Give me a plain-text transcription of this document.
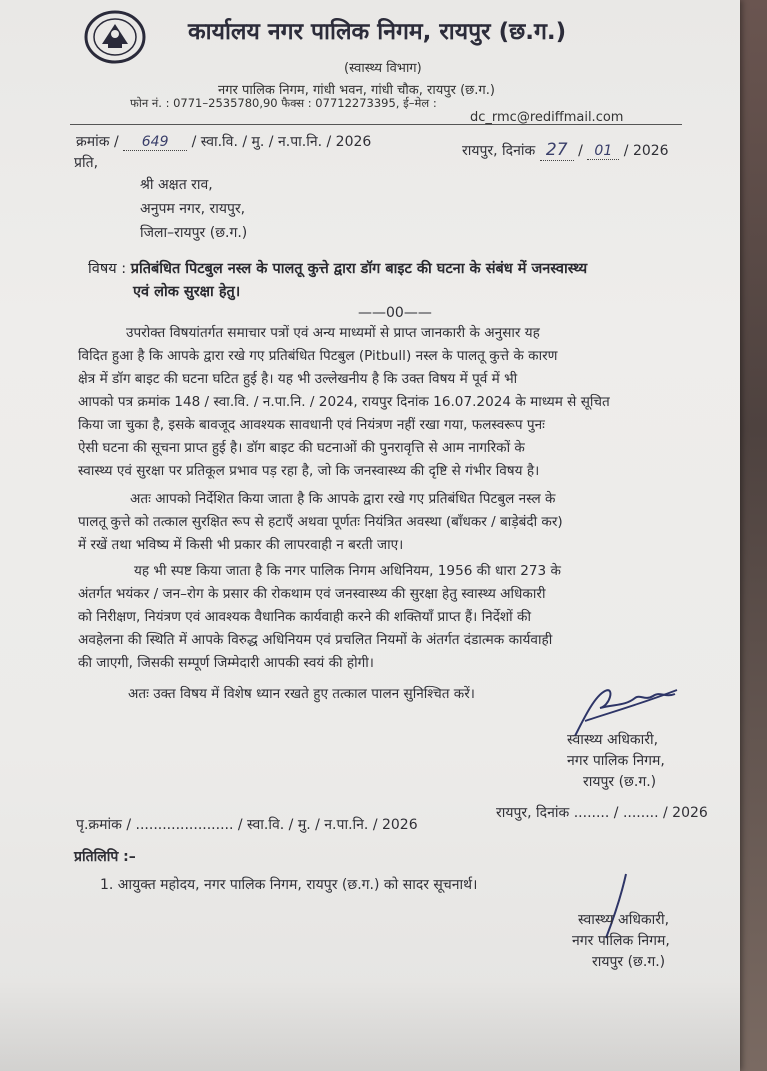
कार्यालय नगर पालिक निगम, रायपुर (छ.ग.)
(स्वास्थ्य विभाग)
नगर पालिक निगम, गांधी भवन, गांधी चौक, रायपुर (छ.ग.)
फोन नं. : 0771–2535780,90 फैक्स : 07712273395, ई–मेल :
dc_rmc@rediffmail.com
क्रमांक / 649 / स्वा.वि. / मु. / न.पा.नि. / 2026
रायपुर, दिनांक 27 / 01 / 2026
प्रति,
श्री अक्षत राव,
अनुपम नगर, रायपुर,
जिला–रायपुर (छ.ग.)
विषय : प्रतिबंधित पिटबुल नस्ल के पालतू कुत्ते द्वारा डॉग बाइट की घटना के संबंध में जनस्वास्थ्य
एवं लोक सुरक्षा हेतु।
——00——
उपरोक्त विषयांतर्गत समाचार पत्रों एवं अन्य माध्यमों से प्राप्त जानकारी के अनुसार यह
विदित हुआ है कि आपके द्वारा रखे गए प्रतिबंधित पिटबुल (Pitbull) नस्ल के पालतू कुत्ते के कारण
क्षेत्र में डॉग बाइट की घटना घटित हुई है। यह भी उल्लेखनीय है कि उक्त विषय में पूर्व में भी
आपको पत्र क्रमांक 148 / स्वा.वि. / न.पा.नि. / 2024, रायपुर दिनांक 16.07.2024 के माध्यम से सूचित
किया जा चुका है, इसके बावजूद आवश्यक सावधानी एवं नियंत्रण नहीं रखा गया, फलस्वरूप पुनः
ऐसी घटना की सूचना प्राप्त हुई है। डॉग बाइट की घटनाओं की पुनरावृत्ति से आम नागरिकों के
स्वास्थ्य एवं सुरक्षा पर प्रतिकूल प्रभाव पड़ रहा है, जो कि जनस्वास्थ्य की दृष्टि से गंभीर विषय है।
अतः आपको निर्देशित किया जाता है कि आपके द्वारा रखे गए प्रतिबंधित पिटबुल नस्ल के
पालतू कुत्ते को तत्काल सुरक्षित रूप से हटाएँ अथवा पूर्णतः नियंत्रित अवस्था (बाँधकर / बाड़ेबंदी कर)
में रखें तथा भविष्य में किसी भी प्रकार की लापरवाही न बरती जाए।
यह भी स्पष्ट किया जाता है कि नगर पालिक निगम अधिनियम, 1956 की धारा 273 के
अंतर्गत भयंकर / जन–रोग के प्रसार की रोकथाम एवं जनस्वास्थ्य की सुरक्षा हेतु स्वास्थ्य अधिकारी
को निरीक्षण, नियंत्रण एवं आवश्यक वैधानिक कार्यवाही करने की शक्तियाँ प्राप्त हैं। निर्देशों की
अवहेलना की स्थिति में आपके विरुद्ध अधिनियम एवं प्रचलित नियमों के अंतर्गत दंडात्मक कार्यवाही
की जाएगी, जिसकी सम्पूर्ण जिम्मेदारी आपकी स्वयं की होगी।
अतः उक्त विषय में विशेष ध्यान रखते हुए तत्काल पालन सुनिश्चित करें।
स्वास्थ्य अधिकारी,
नगर पालिक निगम,
रायपुर (छ.ग.)
पृ.क्रमांक / ...................... / स्वा.वि. / मु. / न.पा.नि. / 2026
रायपुर, दिनांक ........ / ........ / 2026
प्रतिलिपि :–
1. आयुक्त महोदय, नगर पालिक निगम, रायपुर (छ.ग.) को सादर सूचनार्थ।
स्वास्थ्य अधिकारी,
नगर पालिक निगम,
रायपुर (छ.ग.)
